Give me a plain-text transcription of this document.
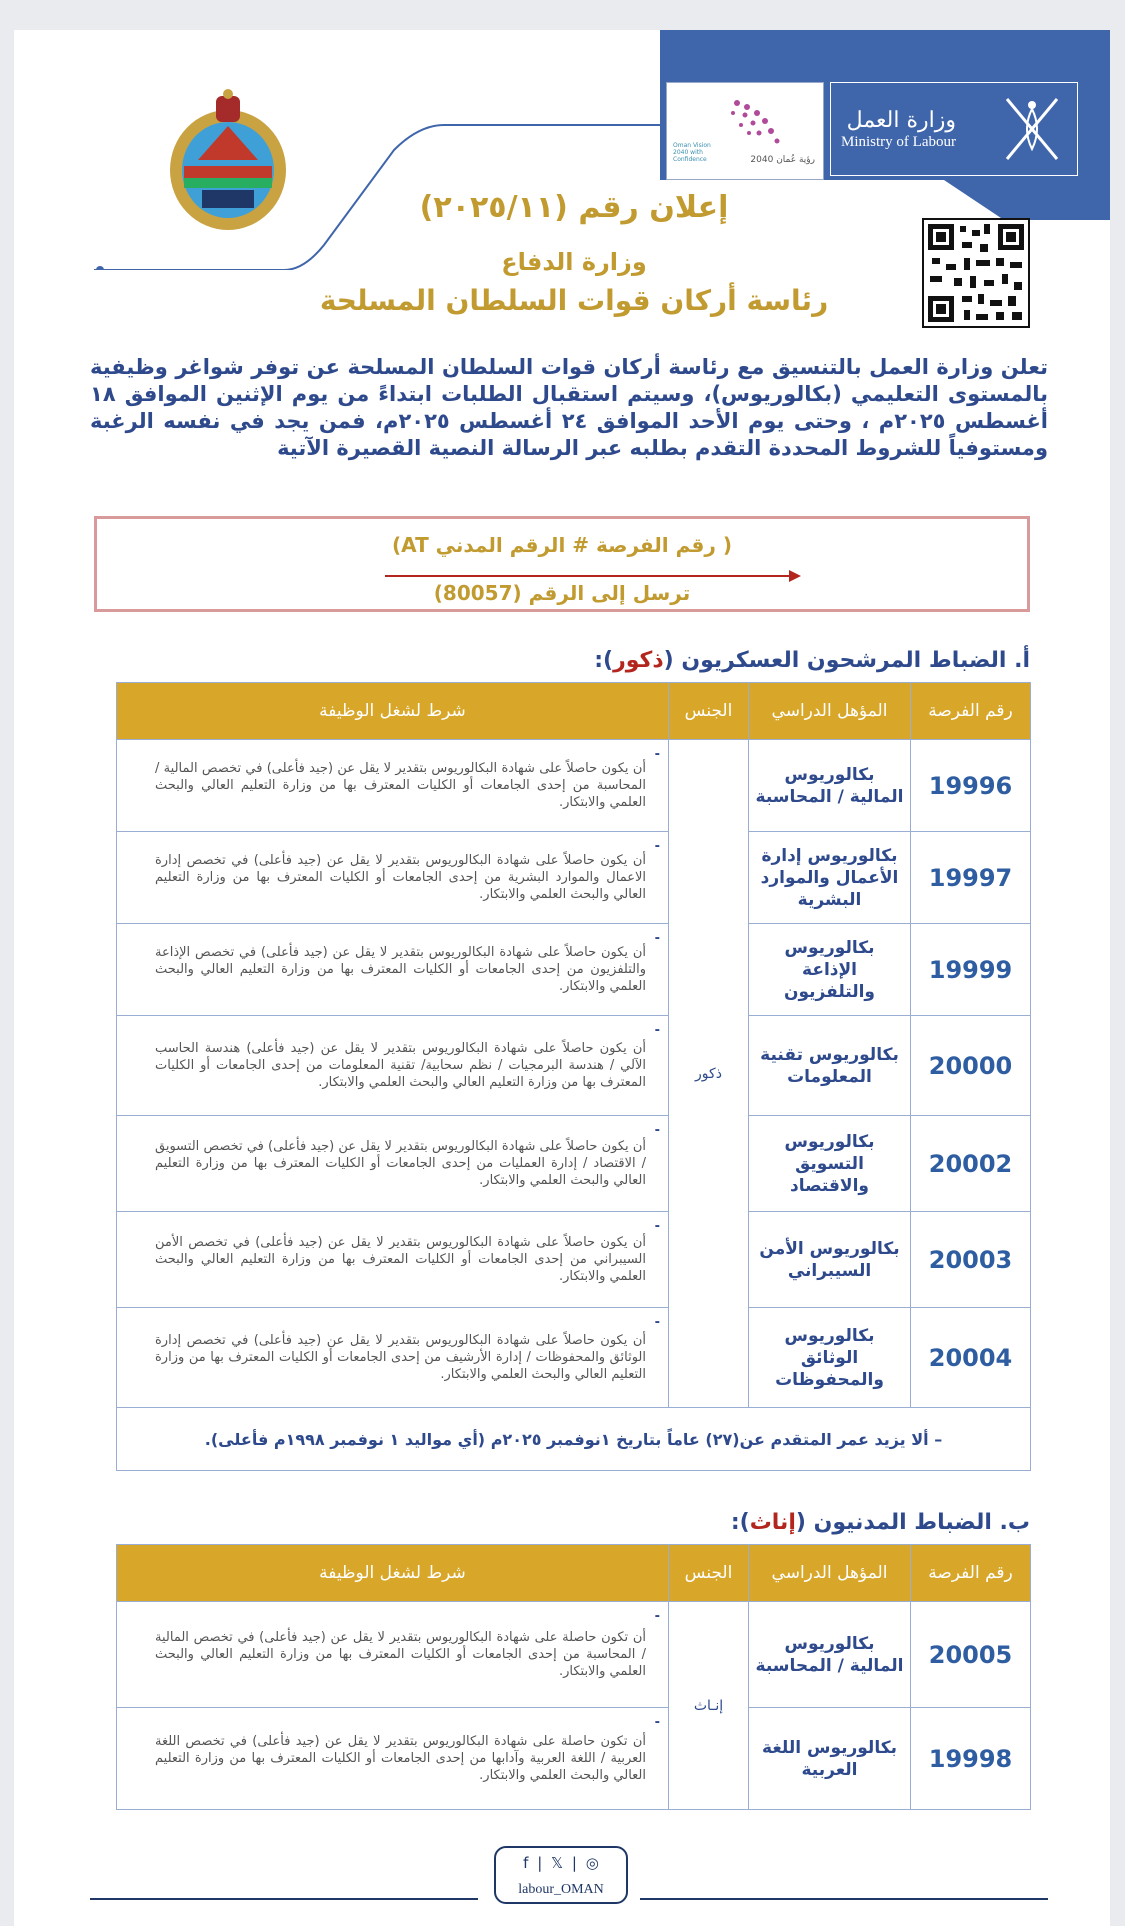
وزارة العمل
Ministry of Labour
رؤية عُمان 2040
Oman Vision 2040 with Confidence
إعلان رقم (٢٠٢٥/١١)
وزارة الدفاع
رئاسة أركان قوات السلطان المسلحة
تعلن وزارة العمل بالتنسيق مع رئاسة أركان قوات السلطان المسلحة عن توفر شواغر وظيفية بالمستوى التعليمي (بكالوريوس)، وسيتم استقبال الطلبات ابتداءً من يوم الإثنين الموافق ١٨ أغسطس ٢٠٢٥م ، وحتى يوم الأحد الموافق ٢٤ أغسطس ٢٠٢٥م، فمن يجد في نفسه الرغبة ومستوفياً للشروط المحددة التقدم بطلبه عبر الرسالة النصية القصيرة الآتية
( رقم الفرصة # الرقم المدني AT)
ترسل إلى الرقم (80057)
أ. الضباط المرشحون العسكريون (ذكور):
رقم الفرصة	المؤهل الدراسي	الجنس	شرط لشغل الوظيفة
19996	بكالوريوس المالية / المحاسبة	ذكور	-
أن يكون حاصلاً على شهادة البكالوريوس بتقدير لا يقل عن (جيد فأعلى) في تخصص المالية / المحاسبة من إحدى الجامعات أو الكليات المعترف بها من وزارة التعليم العالي والبحث العلمي والابتكار.
19997	بكالوريوس إدارة الأعمال والموارد البشرية		-
أن يكون حاصلاً على شهادة البكالوريوس بتقدير لا يقل عن (جيد فأعلى) في تخصص إدارة الاعمال والموارد البشرية من إحدى الجامعات أو الكليات المعترف بها من وزارة التعليم العالي والبحث العلمي والابتكار.
19999	بكالوريوس الإذاعة والتلفزيون		-
أن يكون حاصلاً على شهادة البكالوريوس بتقدير لا يقل عن (جيد فأعلى) في تخصص الإذاعة والتلفزيون من إحدى الجامعات أو الكليات المعترف بها من وزارة التعليم العالي والبحث العلمي والابتكار.
20000	بكالوريوس تقنية المعلومات		-
أن يكون حاصلاً على شهادة البكالوريوس بتقدير لا يقل عن (جيد فأعلى) هندسة الحاسب الآلي / هندسة البرمجيات / نظم سحابية/ تقنية المعلومات من إحدى الجامعات أو الكليات المعترف بها من وزارة التعليم العالي والبحث العلمي والابتكار.
20002	بكالوريوس التسويق والاقتصاد		-
أن يكون حاصلاً على شهادة البكالوريوس بتقدير لا يقل عن (جيد فأعلى) في تخصص التسويق / الاقتصاد / إدارة العمليات من إحدى الجامعات أو الكليات المعترف بها من وزارة التعليم العالي والبحث العلمي والابتكار.
20003	بكالوريوس الأمن السيبراني		-
أن يكون حاصلاً على شهادة البكالوريوس بتقدير لا يقل عن (جيد فأعلى) في تخصص الأمن السيبراني من إحدى الجامعات أو الكليات المعترف بها من وزارة التعليم العالي والبحث العلمي والابتكار.
20004	بكالوريوس الوثائق والمحفوظات		-
أن يكون حاصلاً على شهادة البكالوريوس بتقدير لا يقل عن (جيد فأعلى) في تخصص إدارة الوثائق والمحفوظات / إدارة الأرشيف من إحدى الجامعات أو الكليات المعترف بها من وزارة التعليم العالي والبحث العلمي والابتكار.
– ألا يزيد عمر المتقدم عن(٢٧) عاماً بتاريخ ١نوفمبر ٢٠٢٥م (أي مواليد ١ نوفمبر ١٩٩٨م فأعلى).			
ب. الضباط المدنيون (إناث):
رقم الفرصة	المؤهل الدراسي	الجنس	شرط لشغل الوظيفة
20005	بكالوريوس المالية / المحاسبة	إنـاث	-
أن تكون حاصلة على شهادة البكالوريوس بتقدير لا يقل عن (جيد فأعلى) في تخصص المالية / المحاسبة من إحدى الجامعات أو الكليات المعترف بها من وزارة التعليم العالي والبحث العلمي والابتكار.
19998	بكالوريوس اللغة العربية		-
أن تكون حاصلة على شهادة البكالوريوس بتقدير لا يقل عن (جيد فأعلى) في تخصص اللغة العربية / اللغة العربية وآدابها من إحدى الجامعات أو الكليات المعترف بها من وزارة التعليم العالي والبحث العلمي والابتكار.
f | 𝕏 | ◎
labour_OMAN
